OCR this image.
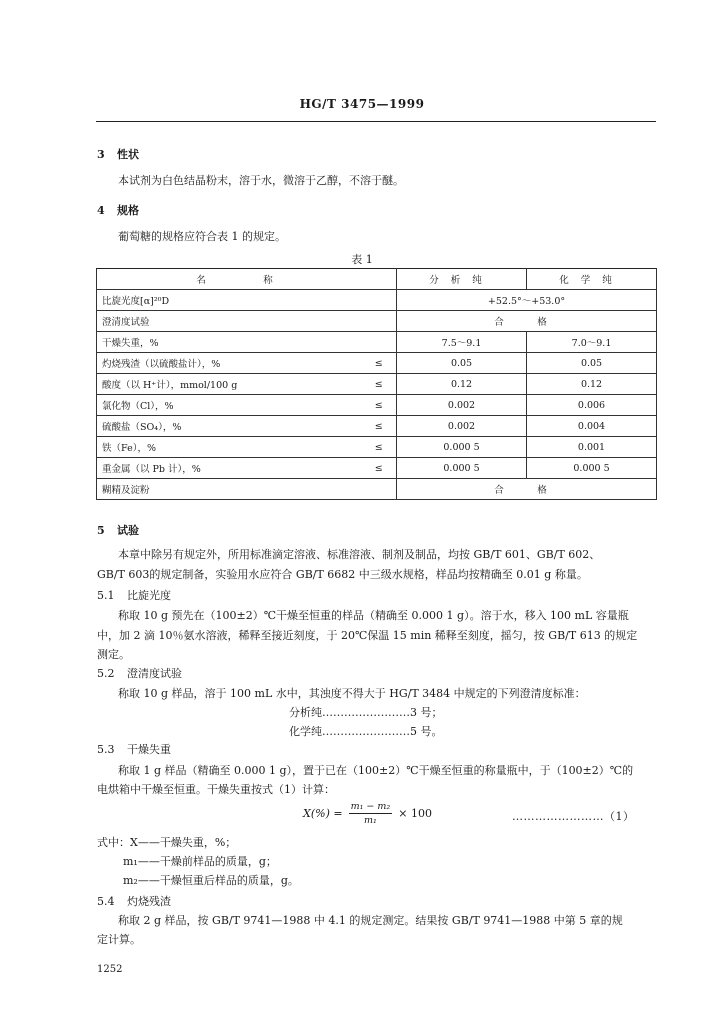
HG/T 3475—1999
3 性状
本试剂为白色结晶粉末，溶于水，微溶于乙醇，不溶于醚。
4 规格
葡萄糖的规格应符合表 1 的规定。
表 1
名　称		分析纯	化学纯
比旋光度[α]²⁰D		+52.5°～+53.0°	
澄清度试验		合　格	
干燥失重，%		7.5～9.1	7.0～9.1
灼烧残渣（以硫酸盐计），%	≤	0.05	0.05
酸度（以 H⁺计），mmol/100 g	≤	0.12	0.12
氯化物（Cl），%	≤	0.002	0.006
硫酸盐（SO₄），%	≤	0.002	0.004
铁（Fe），%	≤	0.000 5	0.001
重金属（以 Pb 计），%	≤	0.000 5	0.000 5
糊精及淀粉		合　格	
5 试验
本章中除另有规定外，所用标准滴定溶液、标准溶液、制剂及制品，均按 GB/T 601、GB/T 602、
GB/T 603的规定制备，实验用水应符合 GB/T 6682 中三级水规格，样品均按精确至 0.01 g 称量。
5.1 比旋光度
称取 10 g 预先在（100±2）℃干燥至恒重的样品（精确至 0.000 1 g）。溶于水，移入 100 mL 容量瓶
中，加 2 滴 10％氨水溶液，稀释至接近刻度，于 20℃保温 15 min 稀释至刻度，摇匀，按 GB/T 613 的规定
测定。
5.2 澄清度试验
称取 10 g 样品，溶于 100 mL 水中，其浊度不得大于 HG/T 3484 中规定的下列澄清度标准：
分析纯……………………3 号；
化学纯……………………5 号。
5.3 干燥失重
称取 1 g 样品（精确至 0.000 1 g），置于已在（100±2）℃干燥至恒重的称量瓶中，于（100±2）℃的
电烘箱中干燥至恒重。干燥失重按式（1）计算：
$X(\%) = \frac{\text{m₁ − m₂}}{\text{m₁}} \times 100$	……………………（1）
式中：X——干燥失重，%；
m₁——干燥前样品的质量，g；
m₂——干燥恒重后样品的质量，g。
5.4 灼烧残渣
称取 2 g 样品，按 GB/T 9741—1988 中 4.1 的规定测定。结果按 GB/T 9741—1988 中第 5 章的规
定计算。
1252
